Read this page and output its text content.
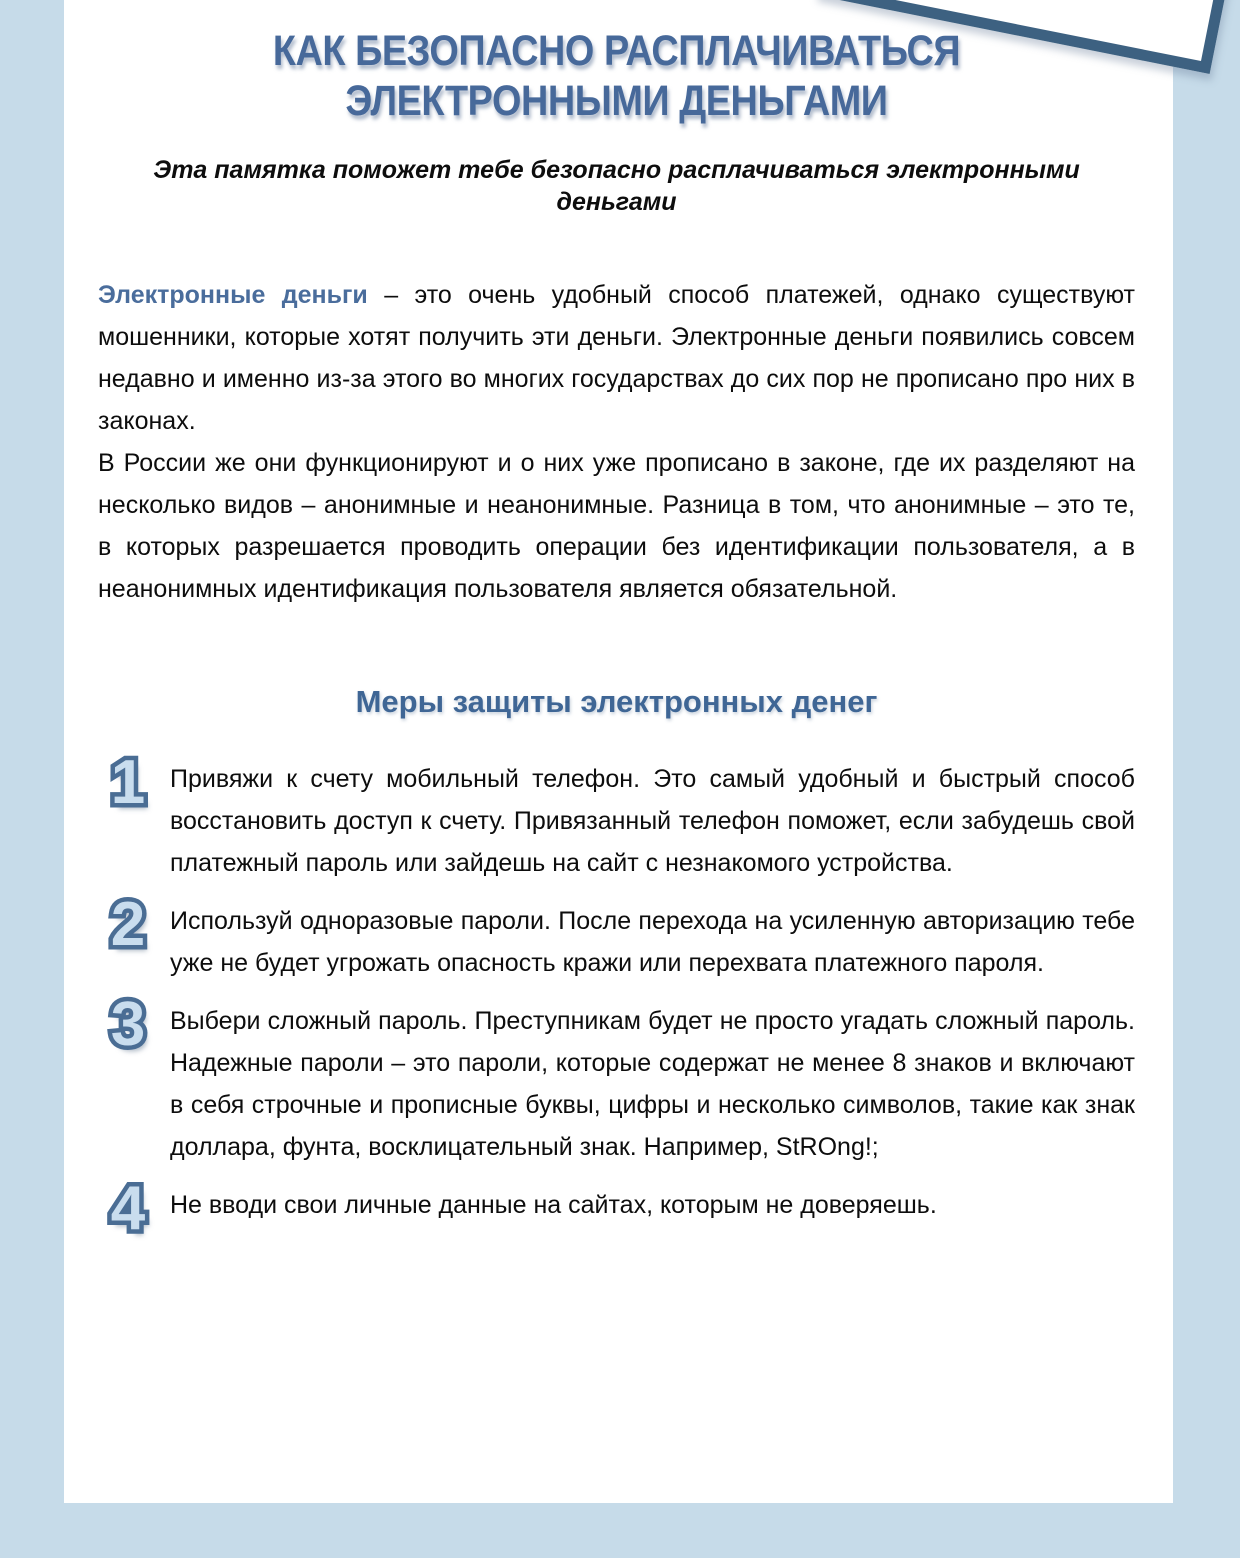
КАК БЕЗОПАСНО РАСПЛАЧИВАТЬСЯ
ЭЛЕКТРОННЫМИ ДЕНЬГАМИ

Эта памятка поможет тебе безопасно расплачиваться электронными деньгами

Электронные деньги – это очень удобный способ платежей, однако существуют мошенники, которые хотят получить эти деньги. Электронные деньги появились совсем недавно и именно из-за этого во многих государствах до сих пор не прописано про них в законах.

В России же они функционируют и о них уже прописано в законе, где их разделяют на несколько видов – анонимные и неанонимные. Разница в том, что анонимные – это те, в которых разрешается проводить операции без идентификации пользователя, а в неанонимных идентификация пользователя является обязательной.

Меры защиты электронных денег
1 1 Привяжи к счету мобильный телефон. Это самый удобный и быстрый способ восстановить доступ к счету. Привязанный телефон поможет, если забудешь свой платежный пароль или зайдешь на сайт с незнакомого устройства.

2 2 Используй одноразовые пароли. После перехода на усиленную авторизацию тебе уже не будет угрожать опасность кражи или перехвата платежного пароля.

3 3 Выбери сложный пароль. Преступникам будет не просто угадать сложный пароль. Надежные пароли – это пароли, которые содержат не менее 8 знаков и включают в себя строчные и прописные буквы, цифры и несколько символов, такие как знак доллара, фунта, восклицательный знак. Например, StROng!;

4 4 Не вводи свои личные данные на сайтах, которым не доверяешь.
